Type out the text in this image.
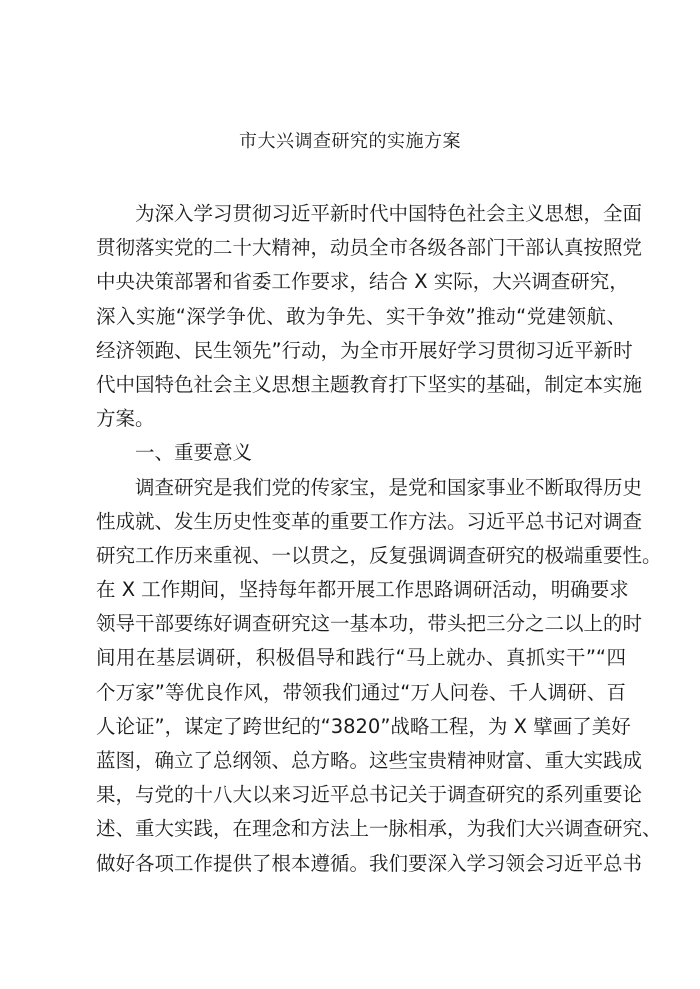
市大兴调查研究的实施方案
为深入学习贯彻习近平新时代中国特色社会主义思想，全面
贯彻落实党的二十大精神，动员全市各级各部门干部认真按照党
中央决策部署和省委工作要求，结合 X 实际，大兴调查研究，
深入实施“深学争优、敢为争先、实干争效”推动“党建领航、
经济领跑、民生领先”行动，为全市开展好学习贯彻习近平新时
代中国特色社会主义思想主题教育打下坚实的基础，制定本实施
方案。
一、重要意义
调查研究是我们党的传家宝，是党和国家事业不断取得历史
性成就、发生历史性变革的重要工作方法。习近平总书记对调查
研究工作历来重视、一以贯之，反复强调调查研究的极端重要性。
在 X 工作期间，坚持每年都开展工作思路调研活动，明确要求
领导干部要练好调查研究这一基本功，带头把三分之二以上的时
间用在基层调研，积极倡导和践行“马上就办、真抓实干”“四
个万家”等优良作风，带领我们通过“万人问卷、千人调研、百
人论证”，谋定了跨世纪的“3820”战略工程，为 X 擘画了美好
蓝图，确立了总纲领、总方略。这些宝贵精神财富、重大实践成
果，与党的十八大以来习近平总书记关于调查研究的系列重要论
述、重大实践，在理念和方法上一脉相承，为我们大兴调查研究、
做好各项工作提供了根本遵循。我们要深入学习领会习近平总书
